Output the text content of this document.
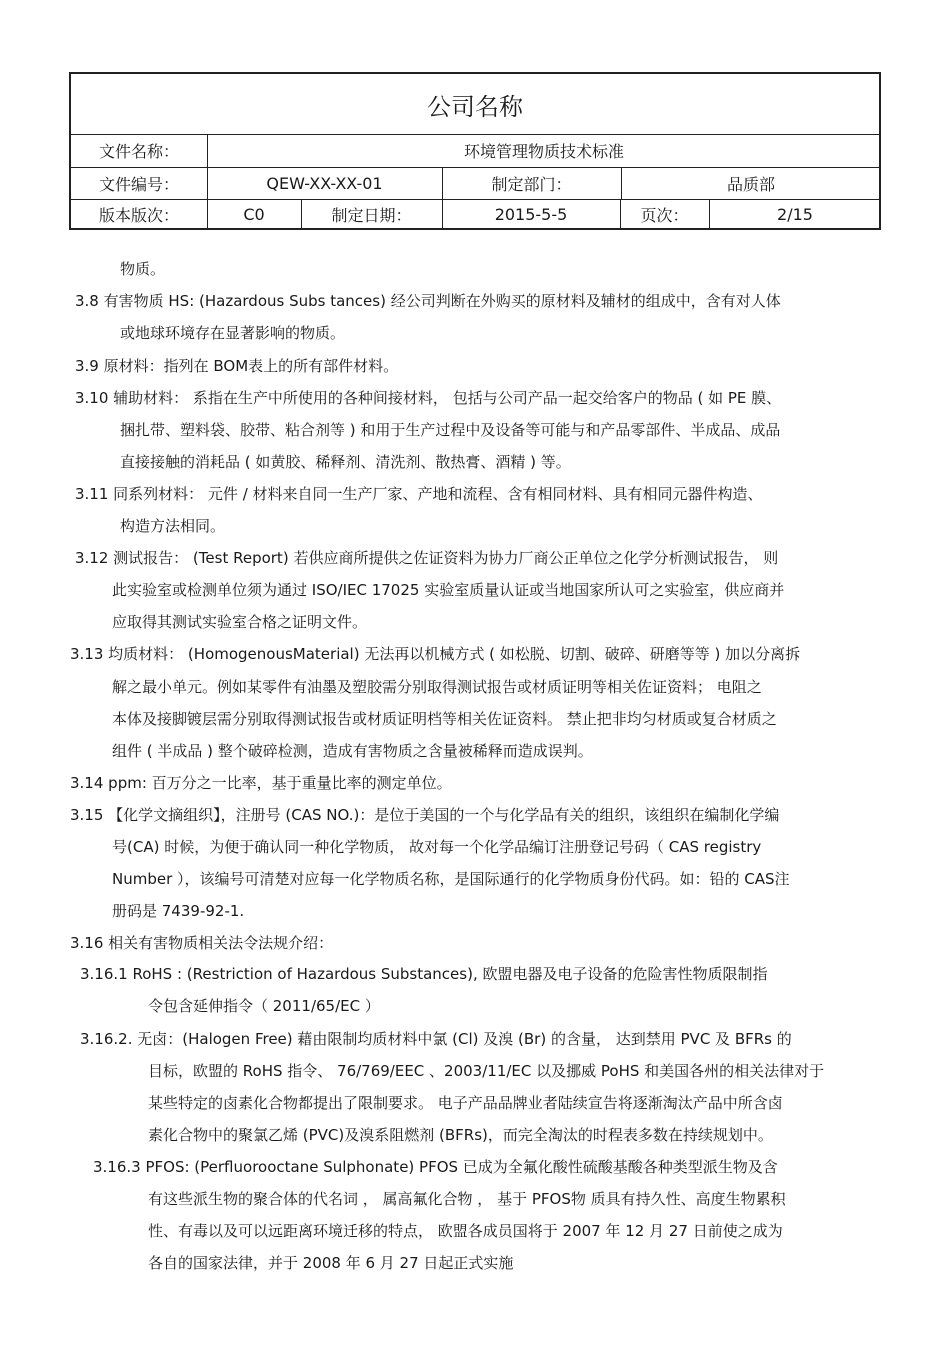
公司名称
文件名称：	环境管理物质技术标准
文件编号：	QEW-XX-XX-01	制定部门：	品质部
版本版次：	C0	制定日期：	2015-5-5	页次：	2/15
物质。
3.8 有害物质 HS: (Hazardous Subs tances) 经公司判断在外购买的原材料及辅材的组成中，含有对人体
或地球环境存在显著影响的物质。
3.9 原材料：指列在 BOM表上的所有部件材料。
3.10 辅助材料： 系指在生产中所使用的各种间接材料， 包括与公司产品一起交给客户的物品 ( 如 PE 膜、
捆扎带、塑料袋、胶带、粘合剂等 ) 和用于生产过程中及设备等可能与和产品零部件、半成品、成品
直接接触的消耗品 ( 如黄胶、稀释剂、清洗剂、散热膏、酒精 ) 等。
3.11 同系列材料： 元件 / 材料来自同一生产厂家、产地和流程、含有相同材料、具有相同元器件构造、
构造方法相同。
3.12 测试报告： (Test Report) 若供应商所提供之佐证资料为协力厂商公正单位之化学分析测试报告， 则
此实验室或检测单位须为通过 ISO/IEC 17025 实验室质量认证或当地国家所认可之实验室，供应商并
应取得其测试实验室合格之证明文件。
3.13 均质材料： (HomogenousMaterial) 无法再以机械方式 ( 如松脱、切割、破碎、研磨等等 ) 加以分离拆
解之最小单元。例如某零件有油墨及塑胶需分别取得测试报告或材质证明等相关佐证资料； 电阻之
本体及接脚镀层需分别取得测试报告或材质证明档等相关佐证资料。 禁止把非均匀材质或复合材质之
组件 ( 半成品 ) 整个破碎检测，造成有害物质之含量被稀释而造成误判。
3.14 ppm: 百万分之一比率，基于重量比率的测定单位。
3.15 【化学文摘组织】，注册号 (CAS NO.)：是位于美国的一个与化学品有关的组织，该组织在编制化学编
号(CA) 时候，为便于确认同一种化学物质， 故对每一个化学品编订注册登记号码（ CAS registry
Number ），该编号可清楚对应每一化学物质名称，是国际通行的化学物质身份代码。如：铅的 CAS注
册码是 7439-92-1.
3.16 相关有害物质相关法令法规介绍：
3.16.1 RoHS : (Restriction of Hazardous Substances), 欧盟电器及电子设备的危险害性物质限制指
令包含延伸指令（ 2011/65/EC ）
3.16.2. 无卤：(Halogen Free) 藉由限制均质材料中氯 (Cl) 及溴 (Br) 的含量， 达到禁用 PVC 及 BFRs 的
目标，欧盟的 RoHS 指令、 76/769/EEC 、2003/11/EC 以及挪威 PoHS 和美国各州的相关法律对于
某些特定的卤素化合物都提出了限制要求。 电子产品品牌业者陆续宣告将逐渐淘汰产品中所含卤
素化合物中的聚氯乙烯 (PVC)及溴系阻燃剂 (BFRs)，而完全淘汰的时程表多数在持续规划中。
3.16.3 PFOS: (Perfluorooctane Sulphonate) PFOS 已成为全氟化酸性硫酸基酸各种类型派生物及含
有这些派生物的聚合体的代名词 ， 属高氟化合物 ， 基于 PFOS物 质具有持久性、高度生物累积
性、有毒以及可以远距离环境迁移的特点， 欧盟各成员国将于 2007 年 12 月 27 日前使之成为
各自的国家法律，并于 2008 年 6 月 27 日起正式实施
